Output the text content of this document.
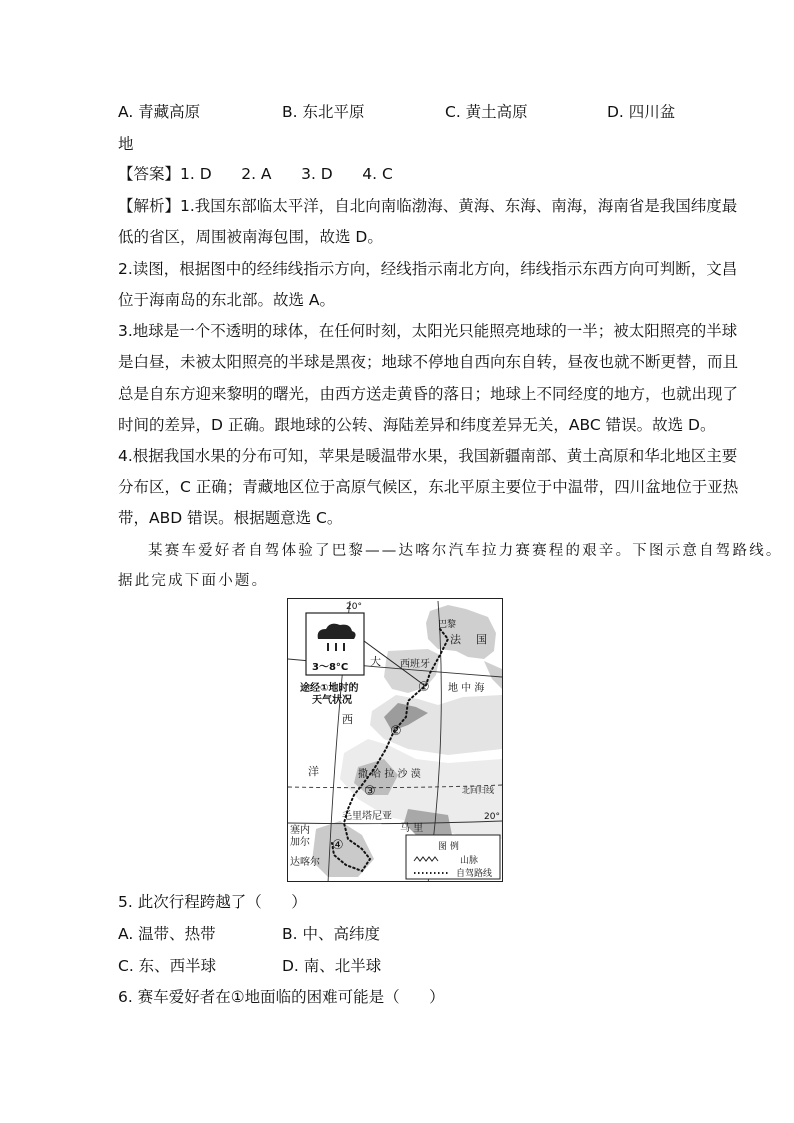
A. 青藏高原	B. 东北平原	C. 黄土高原	D. 四川盆
地
【答案】1. D      2. A      3. D      4. C
【解析】1.我国东部临太平洋，自北向南临渤海、黄海、东海、南海，海南省是我国纬度最
低的省区，周围被南海包围，故选 D。
2.读图，根据图中的经纬线指示方向，经线指示南北方向，纬线指示东西方向可判断，文昌
位于海南岛的东北部。故选 A。
3.地球是一个不透明的球体，在任何时刻，太阳光只能照亮地球的一半；被太阳照亮的半球
是白昼，未被太阳照亮的半球是黑夜；地球不停地自西向东自转，昼夜也就不断更替，而且
总是自东方迎来黎明的曙光，由西方送走黄昏的落日；地球上不同经度的地方，也就出现了
时间的差异，D 正确。跟地球的公转、海陆差异和纬度差异无关，ABC 错误。故选 D。
4.根据我国水果的分布可知，苹果是暖温带水果，我国新疆南部、黄土高原和华北地区主要
分布区，C 正确；青藏地区位于高原气候区，东北平原主要位于中温带，四川盆地位于亚热
带，ABD 错误。根据题意选 C。
某赛车爱好者自驾体验了巴黎——达喀尔汽车拉力赛赛程的艰辛。下图示意自驾路线。
据此完成下面小题。
20°
20°
北回归线
3～8°C
途经①地时的
天气状况
巴黎
法 国
西班牙
大
西
洋
地 中 海
撒 哈 拉 沙 漠
毛里塔尼亚
马 里
塞内
加尔
达喀尔
①
②
③
④	图 例
山脉
自驾路线
5. 此次行程跨越了（      ）
A. 温带、热带	B. 中、高纬度
C. 东、西半球	D. 南、北半球
6. 赛车爱好者在①地面临的困难可能是（      ）
